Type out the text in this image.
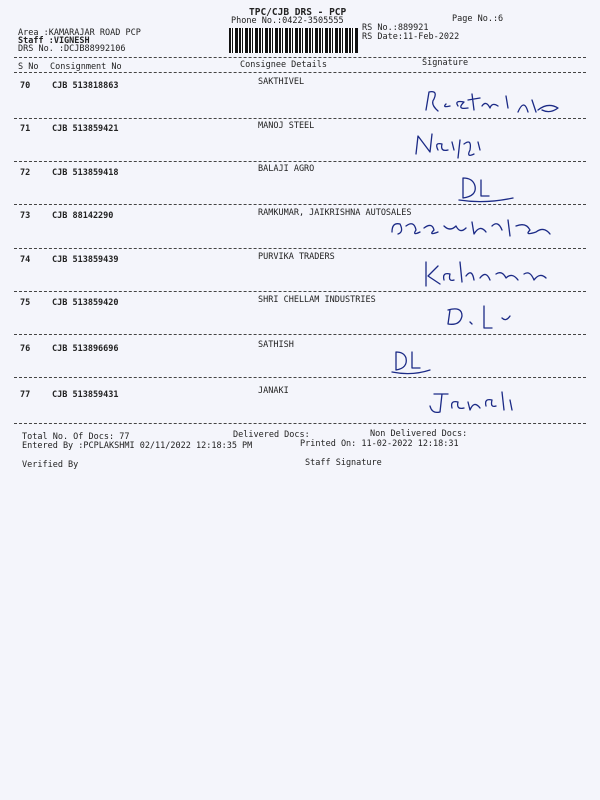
TPC/CJB DRS - PCP
Phone No.:0422-3505555
Area :KAMARAJAR ROAD PCP
Staff :VIGNESH
DRS No. :DCJB88992106
RS No.:889921
RS Date:11-Feb-2022
Page No.:6
S No Consignment No	Consignee Details	Signature
70	CJB 513818863	SAKTHIVEL
71	CJB 513859421	MANOJ STEEL
72	CJB 513859418	BALAJI AGRO
73	CJB 88142290	RAMKUMAR, JAIKRISHNA AUTOSALES
74	CJB 513859439	PURVIKA TRADERS
75	CJB 513859420	SHRI CHELLAM INDUSTRIES
76	CJB 513896696	SATHISH
77	CJB 513859431	JANAKI
Total No. Of Docs: 77	Delivered Docs:	Non Delivered Docs:
Entered By :PCPLAKSHMI 02/11/2022 12:18:35 PM	Printed On: 11-02-2022 12:18:31
Verified By	Staff Signature
